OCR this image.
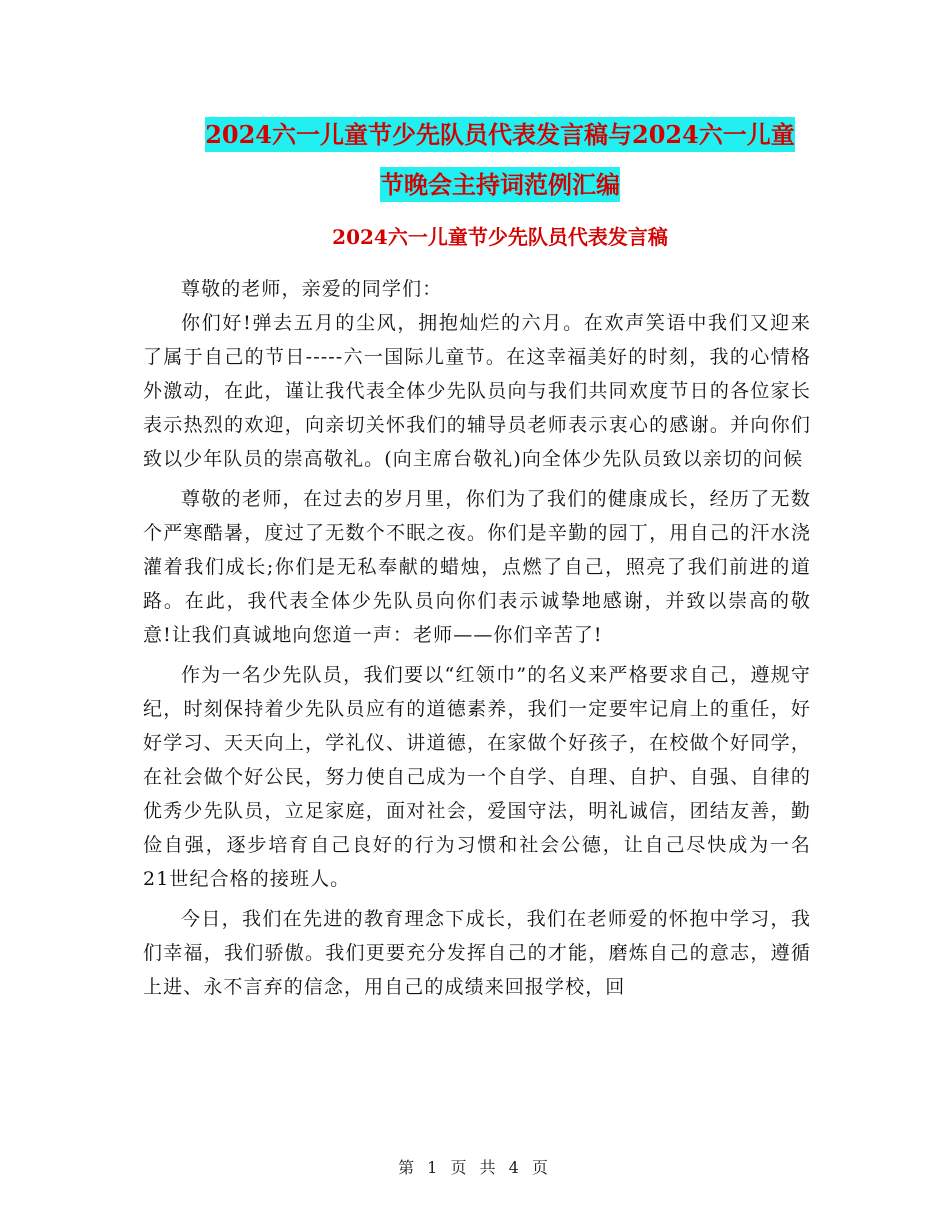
2024六一儿童节少先队员代表发言稿与2024六一儿童
节晚会主持词范例汇编
2024六一儿童节少先队员代表发言稿

尊敬的老师，亲爱的同学们：

你们好!弹去五月的尘风，拥抱灿烂的六月。在欢声笑语中我们又迎来了属于自己的节日-----六一国际儿童节。在这幸福美好的时刻，我的心情格外激动，在此，谨让我代表全体少先队员向与我们共同欢度节日的各位家长表示热烈的欢迎，向亲切关怀我们的辅导员老师表示衷心的感谢。并向你们致以少年队员的崇高敬礼。(向主席台敬礼)向全体少先队员致以亲切的问候

尊敬的老师，在过去的岁月里，你们为了我们的健康成长，经历了无数个严寒酷暑，度过了无数个不眠之夜。你们是辛勤的园丁，用自己的汗水浇灌着我们成长;你们是无私奉献的蜡烛，点燃了自己，照亮了我们前进的道路。在此，我代表全体少先队员向你们表示诚挚地感谢，并致以崇高的敬意!让我们真诚地向您道一声：老师——你们辛苦了!

作为一名少先队员，我们要以“红领巾”的名义来严格要求自己，遵规守纪，时刻保持着少先队员应有的道德素养，我们一定要牢记肩上的重任，好好学习、天天向上，学礼仪、讲道德，在家做个好孩子，在校做个好同学，在社会做个好公民，努力使自己成为一个自学、自理、自护、自强、自律的优秀少先队员，立足家庭，面对社会，爱国守法，明礼诚信，团结友善，勤俭自强，逐步培育自己良好的行为习惯和社会公德，让自己尽快成为一名21世纪合格的接班人。

今日，我们在先进的教育理念下成长，我们在老师爱的怀抱中学习，我们幸福，我们骄傲。我们更要充分发挥自己的才能，磨炼自己的意志，遵循上进、永不言弃的信念，用自己的成绩来回报学校，回

第 1 页 共 4 页
